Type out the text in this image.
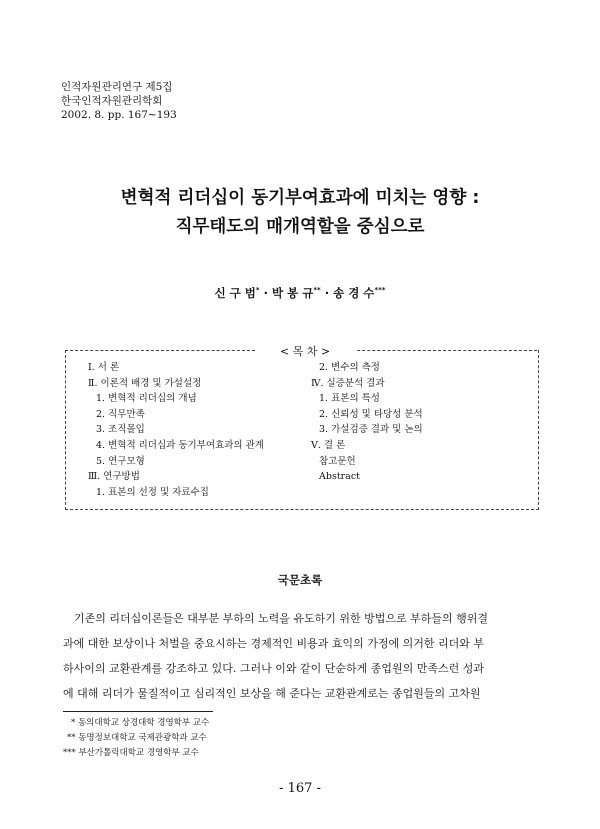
인적자원관리연구 제5집
한국인적자원관리학회
2002. 8. pp. 167∼193
변혁적 리더십이 동기부여효과에 미치는 영향 :
직무태도의 매개역할을 중심으로
신 구 범* · 박 봉 규** · 송 경 수***
< 목 차 >
Ⅰ. 서 론
Ⅱ. 이론적 배경 및 가설설정
1. 변혁적 리더십의 개념
2. 직무만족
3. 조직몰입
4. 변혁적 리더십과 동기부여효과의 관계
5. 연구모형
Ⅲ. 연구방법
1. 표본의 선정 및 자료수집
2. 변수의 측정
Ⅳ. 실증분석 결과
1. 표본의 특성
2. 신뢰성 및 타당성 분석
3. 가설검증 결과 및 논의
Ⅴ. 결 론
참고문헌
Abstract
국문초록
기존의 리더십이론들은 대부분 부하의 노력을 유도하기 위한 방법으로 부하들의 행위결
과에 대한 보상이나 처벌을 중요시하는 경제적인 비용과 효익의 가정에 의거한 리더와 부
하사이의 교환관계를 강조하고 있다. 그러나 이와 같이 단순하게 종업원의 만족스런 성과
에 대해 리더가 물질적이고 심리적인 보상을 해 준다는 교환관계로는 종업원들의 고차원
* 동의대학교 상경대학 경영학부 교수
** 동명정보대학교 국제관광학과 교수
*** 부산가톨릭대학교 경영학부 교수
- 167 -
